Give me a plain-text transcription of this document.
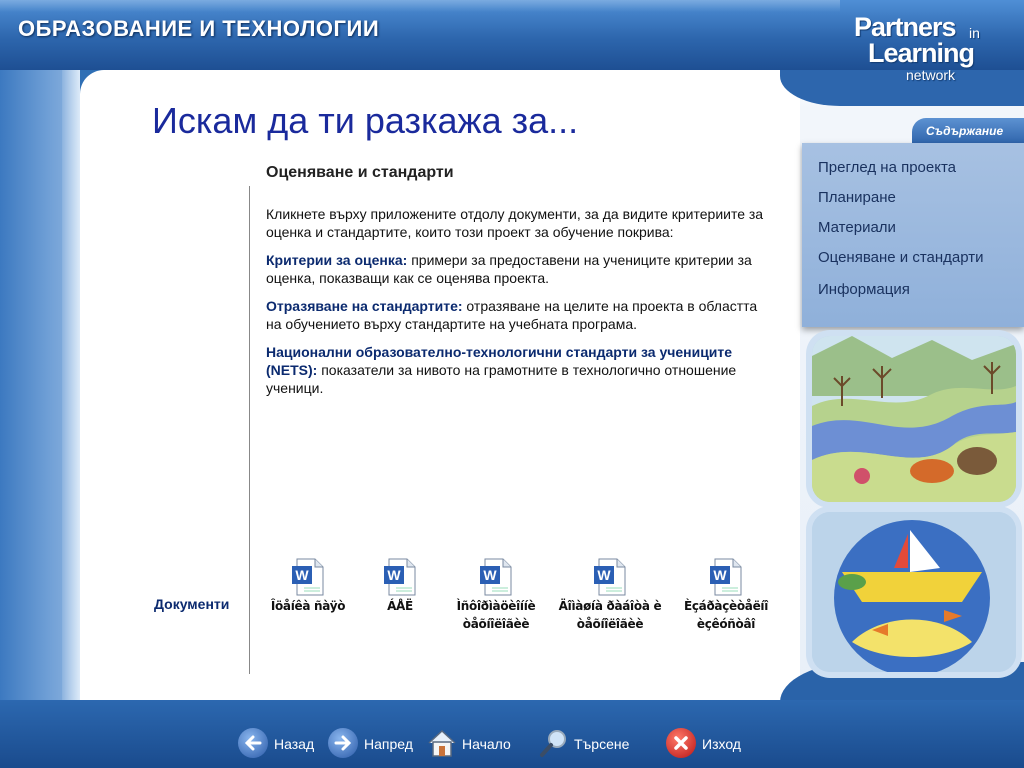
ОБРАЗОВАНИЕ И ТЕХНОЛОГИИ	Partners in
Learning
network
Искам да ти разкажа за...
Оценяване и стандарти

Кликнете върху приложените отдолу документи, за да видите критериите за оценка и стандартите, които този проект за обучение покрива:

Критерии за оценка: примери за предоставени на учениците критерии за оценка, показващи как се оценява проекта.

Отразяване на стандартите: отразяване на целите на проекта в областта на обучението върху стандартите на учебната програма.

Национални образователно-технологични стандарти за учениците (NETS): показатели за нивото на грамотните в технологично отношение ученици.

Документи
W
Îöåíêà ñàÿò
W
ÁÅË
W
Ìñôîðìàöèîííè
òåõíîëîãèè
W
Äîìàøíà ðàáîòà è
òåõíîëîãèè
W
Èçáðàçèòåëíî
èçêóñòâî
Съдържание
Преглед на проекта
Планиране
Материали
Оценяване и стандарти
Информация
Назад	Напред	Начало	Търсене	Изход
